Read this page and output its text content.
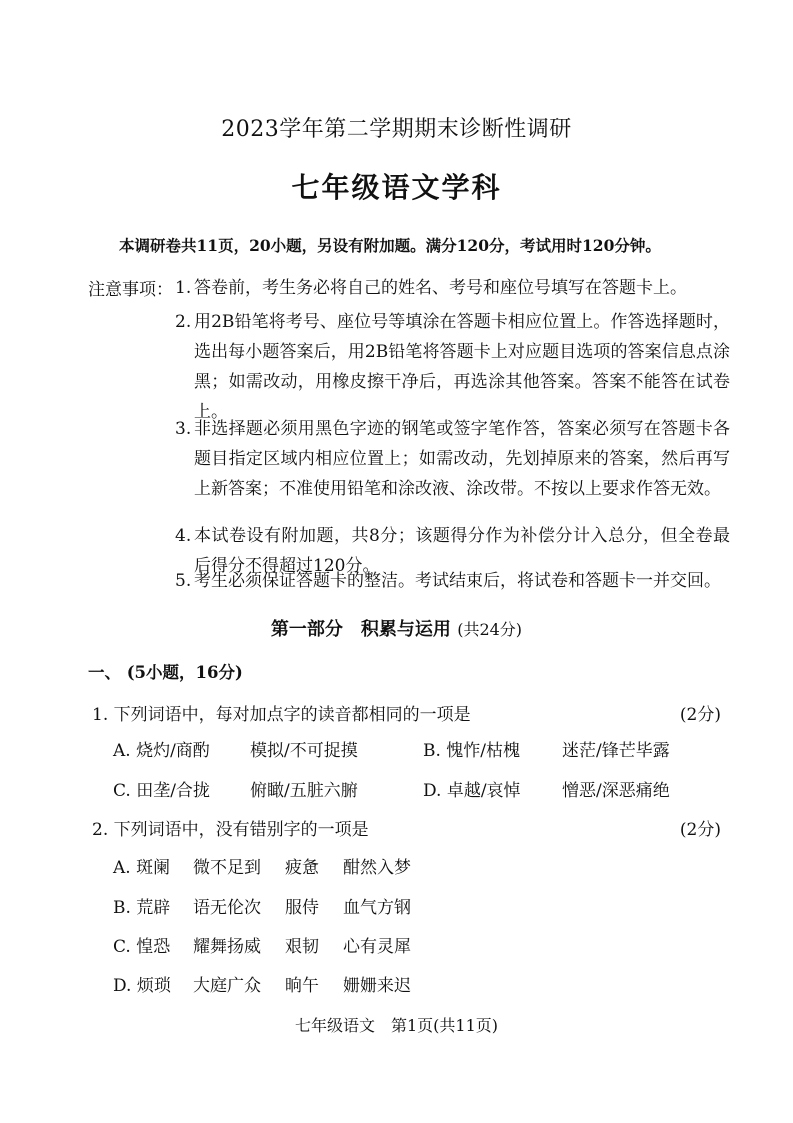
2023学年第二学期期末诊断性调研
七年级语文学科
本调研卷共11页，20小题，另设有附加题。满分120分，考试用时120分钟。
注意事项： 1. 答卷前，考生务必将自己的姓名、考号和座位号填写在答题卡上。
2. 用2B铅笔将考号、座位号等填涂在答题卡相应位置上。作答选择题时，选出每小题答案后，用2B铅笔将答题卡上对应题目选项的答案信息点涂黑；如需改动，用橡皮擦干净后，再选涂其他答案。答案不能答在试卷上。
3. 非选择题必须用黑色字迹的钢笔或签字笔作答，答案必须写在答题卡各题目指定区域内相应位置上；如需改动，先划掉原来的答案，然后再写上新答案；不准使用铅笔和涂改液、涂改带。不按以上要求作答无效。
4. 本试卷设有附加题，共8分；该题得分作为补偿分计入总分，但全卷最后得分不得超过120分。
5. 考生必须保证答题卡的整洁。考试结束后，将试卷和答题卡一并交回。
第一部分　积累与运用 (共24分)
一、 (5小题，16分)
1. 下列词语中，每对加点字的读音都相同的一项是	(2分)
A. 烧灼/商酌 模拟/不可捉摸	B. 愧怍/枯槐 迷茫/锋芒毕露
C. 田垄/合拢 俯瞰/五脏六腑	D. 卓越/哀悼 憎恶/深恶痛绝
2. 下列词语中，没有错别字的一项是	(2分)
A. 斑阑 微不足到 疲惫 酣然入梦
B. 荒辟 语无伦次 服侍 血气方钢
C. 惶恐 耀舞扬威 艰韧 心有灵犀
D. 烦琐 大庭广众 晌午 姗姗来迟
七年级语文　第1页(共11页)
